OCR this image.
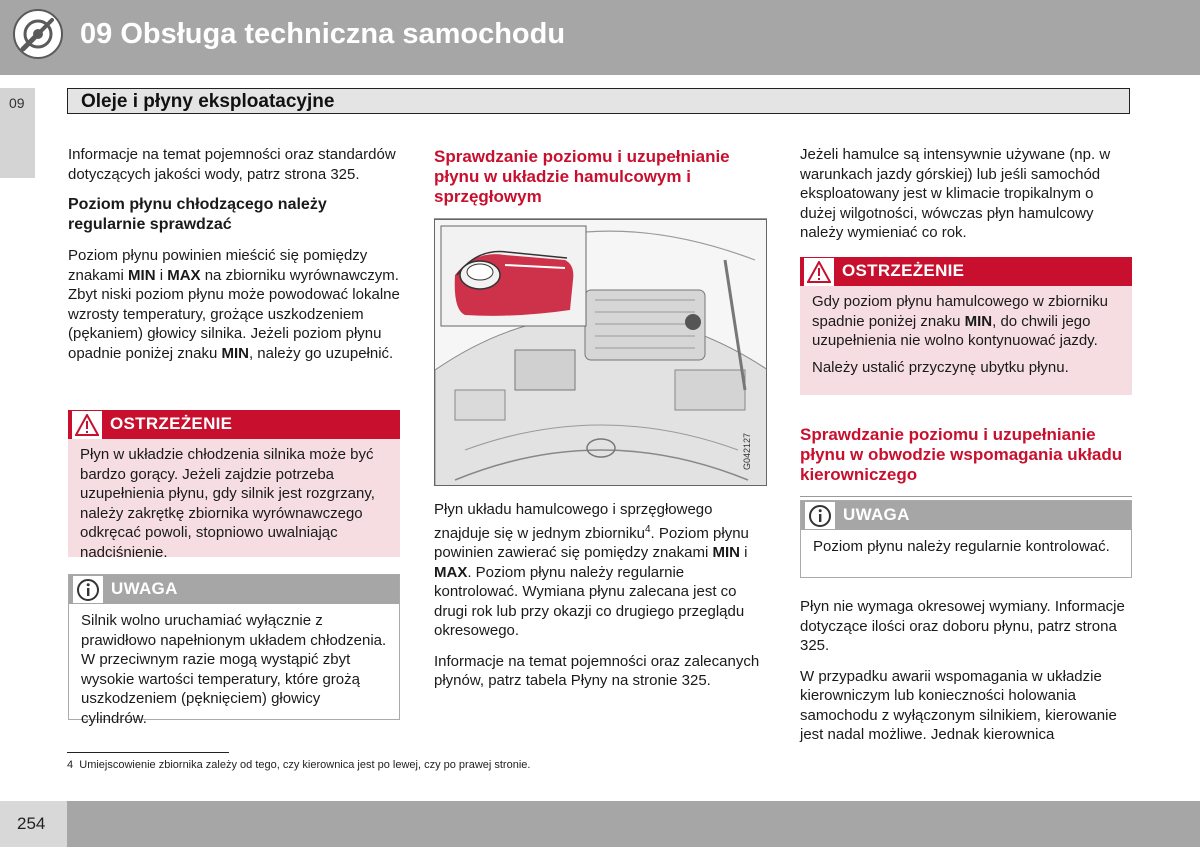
09 Obsługa techniczna samochodu
09	Oleje i płyny eksploatacyjne

Informacje na temat pojemności oraz standardów dotyczących jakości wody, patrz strona 325.

Poziom płynu chłodzącego należy regularnie sprawdzać

Poziom płynu powinien mieścić się pomiędzy znakami MIN i MAX na zbiorniku wyrównawczym. Zbyt niski poziom płynu może powodować lokalne wzrosty temperatury, grożące uszkodzeniem (pękaniem) głowicy silnika. Jeżeli poziom płynu opadnie poniżej znaku MIN, należy go uzupełnić.

OSTRZEŻENIE

Płyn w układzie chłodzenia silnika może być bardzo gorący. Jeżeli zajdzie potrzeba uzupełnienia płynu, gdy silnik jest rozgrzany, należy zakrętkę zbiornika wyrównawczego odkręcać powoli, stopniowo uwalniając nadciśnienie.

UWAGA
Silnik wolno uruchamiać wyłącznie z prawidłowo napełnionym układem chłodzenia. W przeciwnym razie mogą wystąpić zbyt wysokie wartości temperatury, które grożą uszkodzeniem (pęknięciem) głowicy cylindrów.

Sprawdzanie poziomu i uzupełnianie płynu w układzie hamulcowym i sprzęgłowym

G042127

Płyn układu hamulcowego i sprzęgłowego znajduje się w jednym zbiorniku$^4$. Poziom płynu powinien zawierać się pomiędzy znakami MIN i MAX. Poziom płynu należy regularnie kontrolować. Wymiana płynu zalecana jest co drugi rok lub przy okazji co drugiego przeglądu okresowego.

Informacje na temat pojemności oraz zalecanych płynów, patrz tabela Płyny na stronie 325.

Jeżeli hamulce są intensywnie używane (np. w warunkach jazdy górskiej) lub jeśli samochód eksploatowany jest w klimacie tropikalnym o dużej wilgotności, wówczas płyn hamulcowy należy wymieniać co rok.

OSTRZEŻENIE

Gdy poziom płynu hamulcowego w zbiorniku spadnie poniżej znaku MIN, do chwili jego uzupełnienia nie wolno kontynuować jazdy.

Należy ustalić przyczynę ubytku płynu.

Sprawdzanie poziomu i uzupełnianie płynu w obwodzie wspomagania układu kierowniczego

UWAGA
Poziom płynu należy regularnie kontrolować.

Płyn nie wymaga okresowej wymiany. Informacje dotyczące ilości oraz doboru płynu, patrz strona 325.

W przypadku awarii wspomagania w układzie kierowniczym lub konieczności holowania samochodu z wyłączonym silnikiem, kierowanie jest nadal możliwe. Jednak kierownica

4 Umiejscowienie zbiornika zależy od tego, czy kierownica jest po lewej, czy po prawej stronie.
254
